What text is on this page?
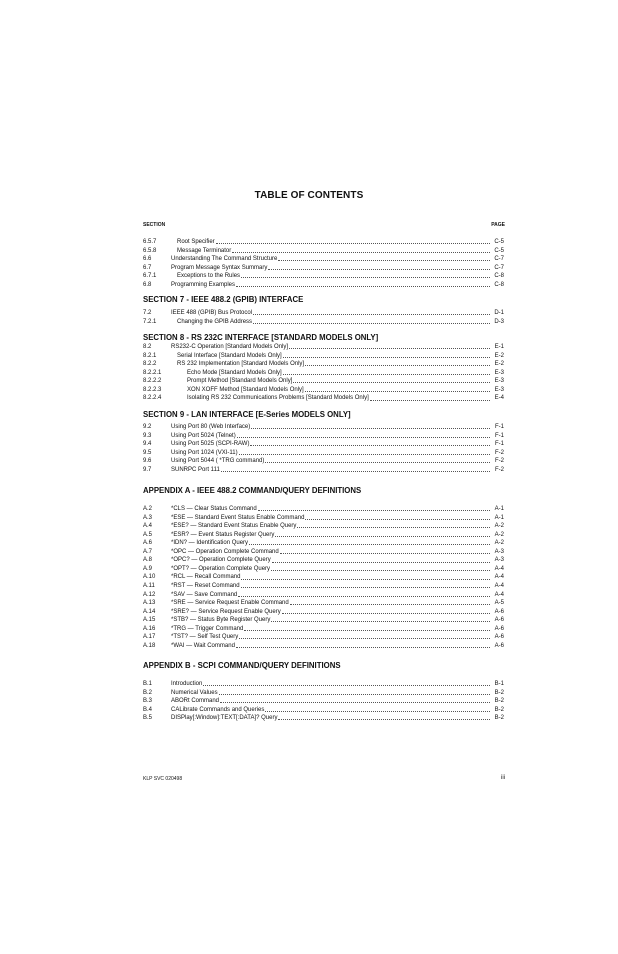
TABLE OF CONTENTS
SECTION	PAGE
SECTION 7 - IEEE 488.2 (GPIB) INTERFACE
SECTION 8 - RS 232C INTERFACE [STANDARD MODELS ONLY]
SECTION 9 - LAN INTERFACE [E-Series MODELS ONLY]
APPENDIX A - IEEE 488.2 COMMAND/QUERY DEFINITIONS
APPENDIX B - SCPI COMMAND/QUERY DEFINITIONS
KLP SVC 020498	iii
6.5.7	Root Specifier	C-5
6.5.8	Message Terminator	C-5
6.6	Understanding The Command Structure	C-7
6.7	Program Message Syntax Summary	C-7
6.7.1	Exceptions to the Rules	C-8
6.8	Programming Examples	C-8
7.2	IEEE 488 (GPIB) Bus Protocol	D-1
7.2.1	Changing the GPIB Address	D-3
8.2	RS232-C Operation [Standard Models Only]	E-1
8.2.1	Serial Interface [Standard Models Only]	E-2
8.2.2	RS 232 Implementation [Standard Models Only]	E-2
8.2.2.1	Echo Mode [Standard Models Only]	E-3
8.2.2.2	Prompt Method [Standard Models Only]	E-3
8.2.2.3	XON XOFF Method [Standard Models Only]	E-3
8.2.2.4	Isolating RS 232 Communications Problems [Standard Models Only]	E-4
9.2	Using Port 80 (Web Interface)	F-1
9.3	Using Port 5024 (Telnet)	F-1
9.4	Using Port 5025 (SCPI-RAW)	F-1
9.5	Using Port 1024 (VXI-11)	F-2
9.6	Using Port 5044 ( *TRG command)	F-2
9.7	SUNRPC Port 111	F-2
A.2	*CLS — Clear Status Command	A-1
A.3	*ESE — Standard Event Status Enable Command	A-1
A.4	*ESE? — Standard Event Status Enable Query	A-2
A.5	*ESR? — Event Status Register Query	A-2
A.6	*IDN? — Identification Query	A-2
A.7	*OPC — Operation Complete Command	A-3
A.8	*OPC? — Operation Complete Query	A-3
A.9	*OPT? — Operation Complete Query	A-4
A.10	*RCL — Recall Command	A-4
A.11	*RST — Reset Command	A-4
A.12	*SAV — Save Command	A-4
A.13	*SRE — Service Request Enable Command	A-5
A.14	*SRE? — Service Request Enable Query	A-6
A.15	*STB? — Status Byte Register Query	A-6
A.16	*TRG — Trigger Command	A-6
A.17	*TST? — Self Test Query	A-6
A.18	*WAI — Wait Command	A-6
B.1	Introduction	B-1
B.2	Numerical Values	B-2
B.3	ABORt Command	B-2
B.4	CALibrate Commands and Queries	B-2
B.5	DISPlay[:Window]:TEXT[:DATA]? Query	B-2
